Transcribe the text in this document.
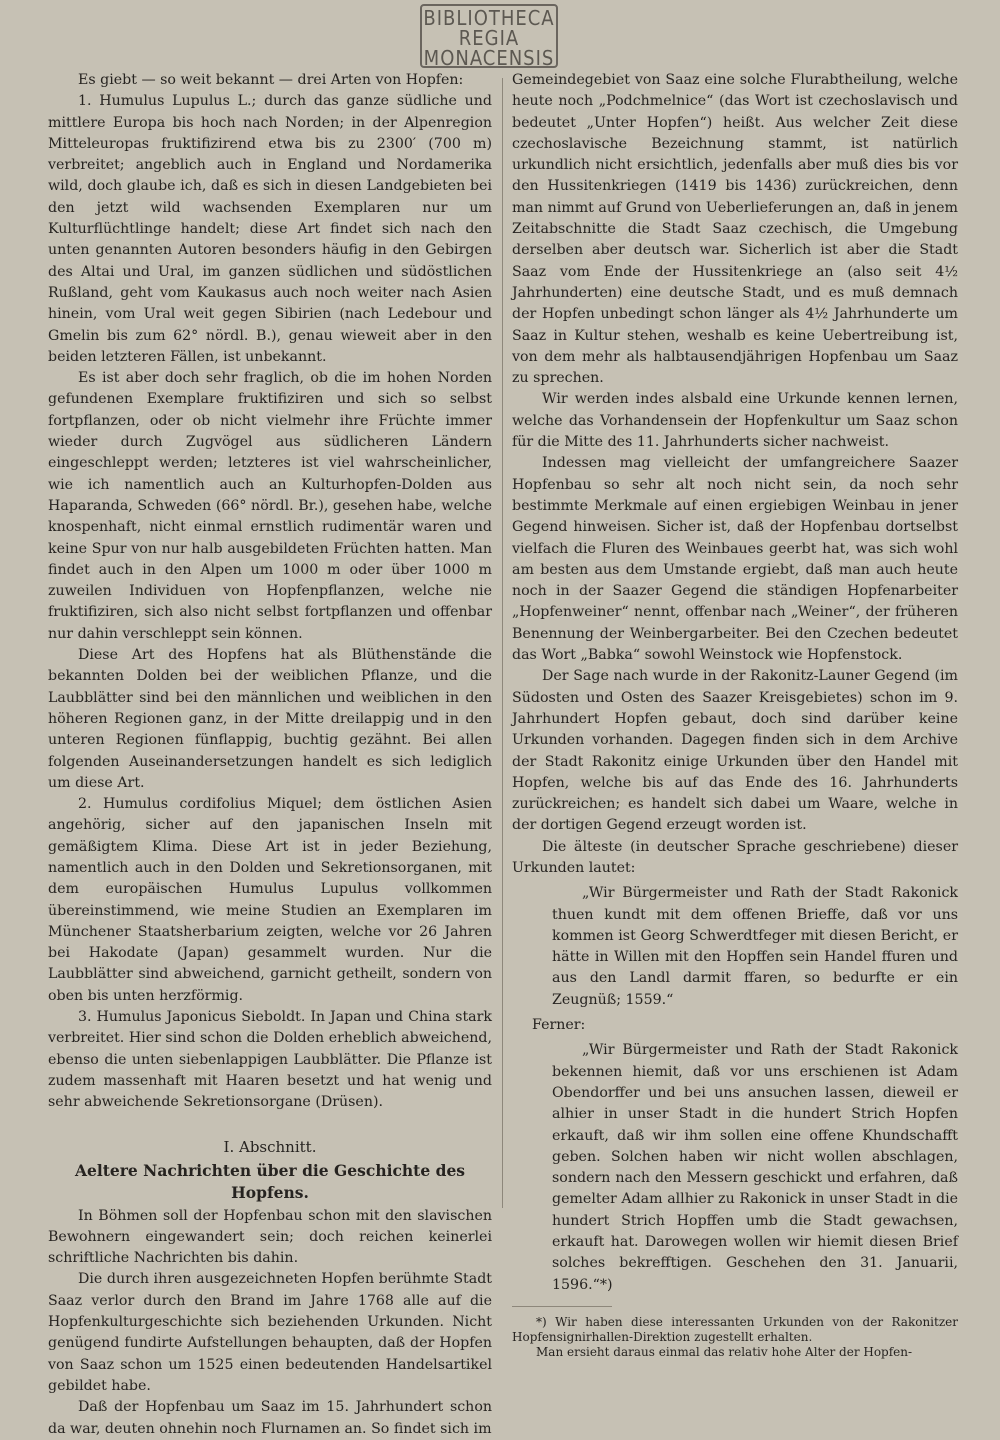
BIBLIOTHECA
REGIA
MONACENSIS

Es giebt — so weit bekannt — drei Arten von Hopfen:

1. Humulus Lupulus L.; durch das ganze südliche und mittlere Europa bis hoch nach Norden; in der Alpenregion Mitteleuropas fruktifizirend etwa bis zu 2300′ (700 m) verbreitet; angeblich auch in England und Nordamerika wild, doch glaube ich, daß es sich in diesen Landgebieten bei den jetzt wild wachsenden Exemplaren nur um Kulturflüchtlinge handelt; diese Art findet sich nach den unten genannten Autoren besonders häufig in den Gebirgen des Altai und Ural, im ganzen südlichen und südöstlichen Rußland, geht vom Kaukasus auch noch weiter nach Asien hinein, vom Ural weit gegen Sibirien (nach Ledebour und Gmelin bis zum 62° nördl. B.), genau wieweit aber in den beiden letzteren Fällen, ist unbekannt.

Es ist aber doch sehr fraglich, ob die im hohen Norden gefundenen Exemplare fruktifiziren und sich so selbst fortpflanzen, oder ob nicht vielmehr ihre Früchte immer wieder durch Zugvögel aus südlicheren Ländern eingeschleppt werden; letzteres ist viel wahrscheinlicher, wie ich namentlich auch an Kulturhopfen-Dolden aus Haparanda, Schweden (66° nördl. Br.), gesehen habe, welche knospenhaft, nicht einmal ernstlich rudimentär waren und keine Spur von nur halb ausgebildeten Früchten hatten. Man findet auch in den Alpen um 1000 m oder über 1000 m zuweilen Individuen von Hopfenpflanzen, welche nie fruktifiziren, sich also nicht selbst fortpflanzen und offenbar nur dahin verschleppt sein können.

Diese Art des Hopfens hat als Blüthenstände die bekannten Dolden bei der weiblichen Pflanze, und die Laubblätter sind bei den männlichen und weiblichen in den höheren Regionen ganz, in der Mitte dreilappig und in den unteren Regionen fünflappig, buchtig gezähnt. Bei allen folgenden Auseinandersetzungen handelt es sich lediglich um diese Art.

2. Humulus cordifolius Miquel; dem östlichen Asien angehörig, sicher auf den japanischen Inseln mit gemäßigtem Klima. Diese Art ist in jeder Beziehung, namentlich auch in den Dolden und Sekretionsorganen, mit dem europäischen Humulus Lupulus vollkommen übereinstimmend, wie meine Studien an Exemplaren im Münchener Staatsherbarium zeigten, welche vor 26 Jahren bei Hakodate (Japan) gesammelt wurden. Nur die Laubblätter sind abweichend, garnicht getheilt, sondern von oben bis unten herzförmig.

3. Humulus Japonicus Sieboldt. In Japan und China stark verbreitet. Hier sind schon die Dolden erheblich abweichend, ebenso die unten siebenlappigen Laubblätter. Die Pflanze ist zudem massenhaft mit Haaren besetzt und hat wenig und sehr abweichende Sekretionsorgane (Drüsen).

I. Abschnitt.
Aeltere Nachrichten über die Geschichte des Hopfens.

In Böhmen soll der Hopfenbau schon mit den slavischen Bewohnern eingewandert sein; doch reichen keinerlei schriftliche Nachrichten bis dahin.

Die durch ihren ausgezeichneten Hopfen berühmte Stadt Saaz verlor durch den Brand im Jahre 1768 alle auf die Hopfenkulturgeschichte sich beziehenden Urkunden. Nicht genügend fundirte Aufstellungen behaupten, daß der Hopfen von Saaz schon um 1525 einen bedeutenden Handelsartikel gebildet habe.

Daß der Hopfenbau um Saaz im 15. Jahrhundert schon da war, deuten ohnehin noch Flurnamen an. So findet sich im

Gemeindegebiet von Saaz eine solche Flurabtheilung, welche heute noch „Podchmelnice“ (das Wort ist czechoslavisch und bedeutet „Unter Hopfen“) heißt. Aus welcher Zeit diese czechoslavische Bezeichnung stammt, ist natürlich urkundlich nicht ersichtlich, jedenfalls aber muß dies bis vor den Hussitenkriegen (1419 bis 1436) zurückreichen, denn man nimmt auf Grund von Ueberlieferungen an, daß in jenem Zeitabschnitte die Stadt Saaz czechisch, die Umgebung derselben aber deutsch war. Sicherlich ist aber die Stadt Saaz vom Ende der Hussitenkriege an (also seit 4½ Jahrhunderten) eine deutsche Stadt, und es muß demnach der Hopfen unbedingt schon länger als 4½ Jahrhunderte um Saaz in Kultur stehen, weshalb es keine Uebertreibung ist, von dem mehr als halbtausendjährigen Hopfenbau um Saaz zu sprechen.

Wir werden indes alsbald eine Urkunde kennen lernen, welche das Vorhandensein der Hopfenkultur um Saaz schon für die Mitte des 11. Jahrhunderts sicher nachweist.

Indessen mag vielleicht der umfangreichere Saazer Hopfenbau so sehr alt noch nicht sein, da noch sehr bestimmte Merkmale auf einen ergiebigen Weinbau in jener Gegend hinweisen. Sicher ist, daß der Hopfenbau dortselbst vielfach die Fluren des Weinbaues geerbt hat, was sich wohl am besten aus dem Umstande ergiebt, daß man auch heute noch in der Saazer Gegend die ständigen Hopfenarbeiter „Hopfenweiner“ nennt, offenbar nach „Weiner“, der früheren Benennung der Weinbergarbeiter. Bei den Czechen bedeutet das Wort „Babka“ sowohl Weinstock wie Hopfenstock.

Der Sage nach wurde in der Rakonitz-Launer Gegend (im Südosten und Osten des Saazer Kreisgebietes) schon im 9. Jahrhundert Hopfen gebaut, doch sind darüber keine Urkunden vorhanden. Dagegen finden sich in dem Archive der Stadt Rakonitz einige Urkunden über den Handel mit Hopfen, welche bis auf das Ende des 16. Jahrhunderts zurückreichen; es handelt sich dabei um Waare, welche in der dortigen Gegend erzeugt worden ist.

Die älteste (in deutscher Sprache geschriebene) dieser Urkunden lautet:

„Wir Bürgermeister und Rath der Stadt Rakonick thuen kundt mit dem offenen Brieffe, daß vor uns kommen ist Georg Schwerdtfeger mit diesen Bericht, er hätte in Willen mit den Hopffen sein Handel ffuren und aus den Landl darmit ffaren, so bedurfte er ein Zeugnüß; 1559.“

Ferner:

„Wir Bürgermeister und Rath der Stadt Rakonick bekennen hiemit, daß vor uns erschienen ist Adam Obendorffer und bei uns ansuchen lassen, dieweil er alhier in unser Stadt in die hundert Strich Hopfen erkauft, daß wir ihm sollen eine offene Khundschafft geben. Solchen haben wir nicht wollen abschlagen, sondern nach den Messern geschickt und erfahren, daß gemelter Adam allhier zu Rakonick in unser Stadt in die hundert Strich Hopffen umb die Stadt gewachsen, erkauft hat. Darowegen wollen wir hiemit diesen Brief solches bekrefftigen. Geschehen den 31. Januarii, 1596.“*)

*) Wir haben diese interessanten Urkunden von der Rakonitzer Hopfensignirhallen-Direktion zugestellt erhalten.

Man ersieht daraus einmal das relativ hohe Alter der Hopfen-
